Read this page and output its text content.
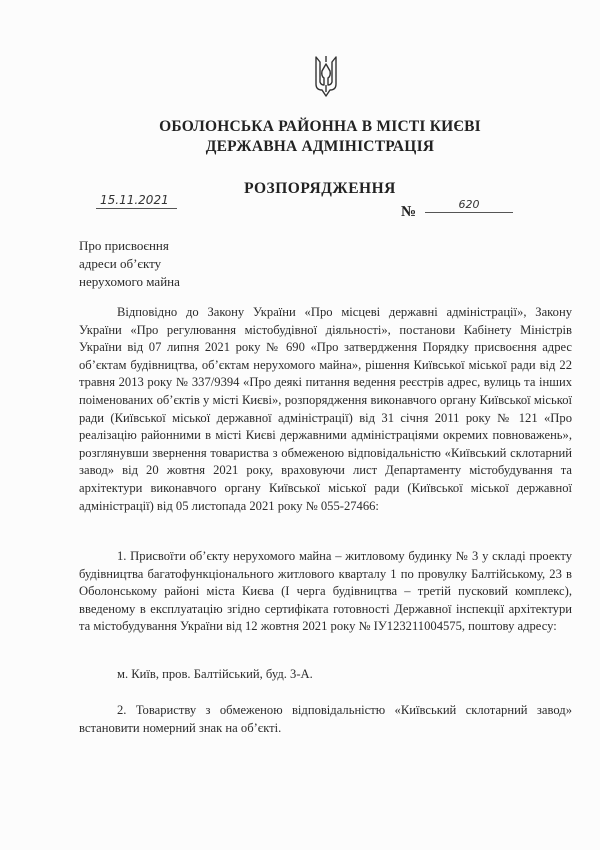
ОБОЛОНСЬКА РАЙОННА В МІСТІ КИЄВІ
ДЕРЖАВНА АДМІНІСТРАЦІЯ
РОЗПОРЯДЖЕННЯ
15.11.2021
№	620
Про присвоєння
адреси об’єкту
нерухомого майна
Відповідно до Закону України «Про місцеві державні адміністрації», Закону України «Про регулювання містобудівної діяльності», постанови Кабінету Міністрів України від 07 липня 2021 року № 690 «Про затвердження Порядку присвоєння адрес об’єктам будівництва, об’єктам нерухомого майна», рішення Київської міської ради від 22 травня 2013 року № 337/9394 «Про деякі питання ведення реєстрів адрес, вулиць та інших поіменованих об’єктів у місті Києві», розпорядження виконавчого органу Київської міської ради (Київської міської державної адміністрації) від 31 січня 2011 року № 121 «Про реалізацію районними в місті Києві державними адміністраціями окремих повноважень», розглянувши звернення товариства з обмеженою відповідальністю «Київський склотарний завод» від 20 жовтня 2021 року, враховуючи лист Департаменту містобудування та архітектури виконавчого органу Київської міської ради (Київської міської державної адміністрації) від 05 листопада 2021 року № 055-27466:
1. Присвоїти об’єкту нерухомого майна – житловому будинку № 3 у складі проекту будівництва багатофункціонального житлового кварталу 1 по провулку Балтійському, 23 в Оболонському районі міста Києва (І черга будівництва – третій пусковий комплекс), введеному в експлуатацію згідно сертифіката готовності Державної інспекції архітектури та містобудування України від 12 жовтня 2021 року № ІУ123211004575, поштову адресу:
м. Київ, пров. Балтійський, буд. 3-А.
2. Товариству з обмеженою відповідальністю «Київський склотарний завод» встановити номерний знак на об’єкті.
